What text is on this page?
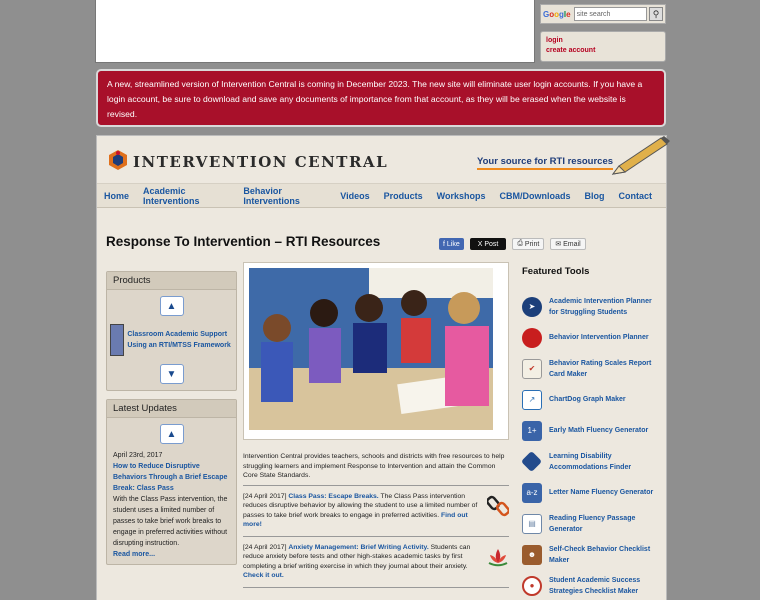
Google site search	⚲
login
create account
A new, streamlined version of Intervention Central is coming in December 2023. The new site will eliminate user login accounts. If you have a login account, be sure to download and save any documents of importance from that account, as they will be erased when the website is revised.
INTERVENTION CENTRAL	Your source for RTI resources
Home Academic Interventions
Behavior Interventions	Videos Products Workshops CBM/Downloads Blog Contact
Response To Intervention – RTI Resources	f Like	X Post	⎙ Print ✉ Email
Products
▲
Classroom Academic Support Using an RTI/MTSS Framework
▼
Latest Updates
▲
April 23rd, 2017
How to Reduce Disruptive Behaviors Through a Brief Escape Break: Class Pass
With the Class Pass intervention, the student uses a limited number of passes to take brief work breaks to engage in preferred activities without disrupting instruction.
Read more...
Intervention Central provides teachers, schools and districts with free resources to help struggling learners and implement Response to Intervention and attain the Common Core State Standards.
[24 April 2017] Class Pass: Escape Breaks. The Class Pass intervention reduces disruptive behavior by allowing the student to use a limited number of passes to take brief work breaks to engage in preferred activities. Find out more!
[24 April 2017] Anxiety Management: Brief Writing Activity. Students can reduce anxiety before tests and other high-stakes academic tasks by first completing a brief writing exercise in which they journal about their anxiety. Check it out.
Featured Tools
➤
Academic Intervention Planner for Struggling Students
Behavior Intervention Planner
✔
Behavior Rating Scales Report Card Maker
↗	ChartDog Graph Maker
1+	Early Math Fluency Generator
Learning Disability Accommodations Finder
a-z	Letter Name Fluency Generator
▤
Reading Fluency Passage Generator
☻
Self-Check Behavior Checklist Maker
●
Student Academic Success Strategies Checklist Maker
